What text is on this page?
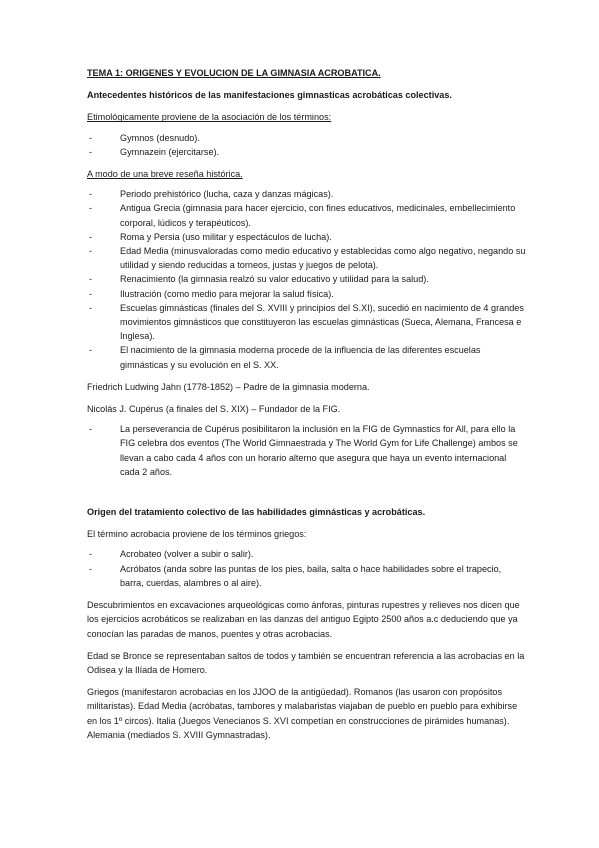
TEMA 1: ORIGENES Y EVOLUCION DE LA GIMNASIA ACROBATICA.

Antecedentes históricos de las manifestaciones gimnasticas acrobáticas colectivas.

Etimológicamente proviene de la asociación de los términos:

-	Gymnos (desnudo).
-	Gymnazein (ejercitarse).

A modo de una breve reseña histórica.

-	Periodo prehistórico (lucha, caza y danzas mágicas).
-	Antigua Grecia (gimnasia para hacer ejercicio, con fines educativos, medicinales, embellecimiento corporal, lúdicos y terapéuticos).
-	Roma y Persia (uso militar y espectáculos de lucha).
-	Edad Media (minusvaloradas como medio educativo y establecidas como algo negativo, negando su utilidad y siendo reducidas a torneos, justas y juegos de pelota).
-	Renacimiento (la gimnasia realzó su valor educativo y utilidad para la salud).
-	Ilustración (como medio para mejorar la salud física).
-	Escuelas gimnásticas (finales del S. XVIII y principios del S.XI), sucedió en nacimiento de 4 grandes movimientos gimnásticos que constituyeron las escuelas gimnásticas (Sueca, Alemana, Francesa e Inglesa).
-	El nacimiento de la gimnasia moderna procede de la influencia de las diferentes escuelas gimnásticas y su evolución en el S. XX.

Friedrich Ludwing Jahn (1778-1852) – Padre de la gimnasia moderna.

Nicolás J. Cupérus (a finales del S. XIX) – Fundador de la FIG.

-	La perseverancia de Cupérus posibilitaron la inclusión en la FIG de Gymnastics for All, para ello la FIG celebra dos eventos (The World Gimnaestrada y The World Gym for Life Challenge) ambos se llevan a cabo cada 4 años con un horario alterno que asegura que haya un evento internacional cada 2 años.

Origen del tratamiento colectivo de las habilidades gimnásticas y acrobáticas.

El término acrobacia proviene de los términos griegos:

-	Acrobateo (volver a subir o salir).
-	Acróbatos (anda sobre las puntas de los pies, baila, salta o hace habilidades sobre el trapecio, barra, cuerdas, alambres o al aire).

Descubrimientos en excavaciones arqueológicas como ánforas, pinturas rupestres y relieves nos dicen que los ejercicios acrobáticos se realizaban en las danzas del antiguo Egipto 2500 años a.c deduciendo que ya conocían las paradas de manos, puentes y otras acrobacias.

Edad se Bronce se representaban saltos de todos y también se encuentran referencia a las acrobacias en la Odisea y la Ilíada de Homero.

Griegos (manifestaron acrobacias en los JJOO de la antigüedad). Romanos (las usaron con propósitos militaristas). Edad Media (acróbatas, tambores y malabaristas viajaban de pueblo en pueblo para exhibirse en los 1º circos). Italia (Juegos Venecianos S. XVI competían en construcciones de pirámides humanas). Alemania (mediados S. XVIII Gymnastradas).
